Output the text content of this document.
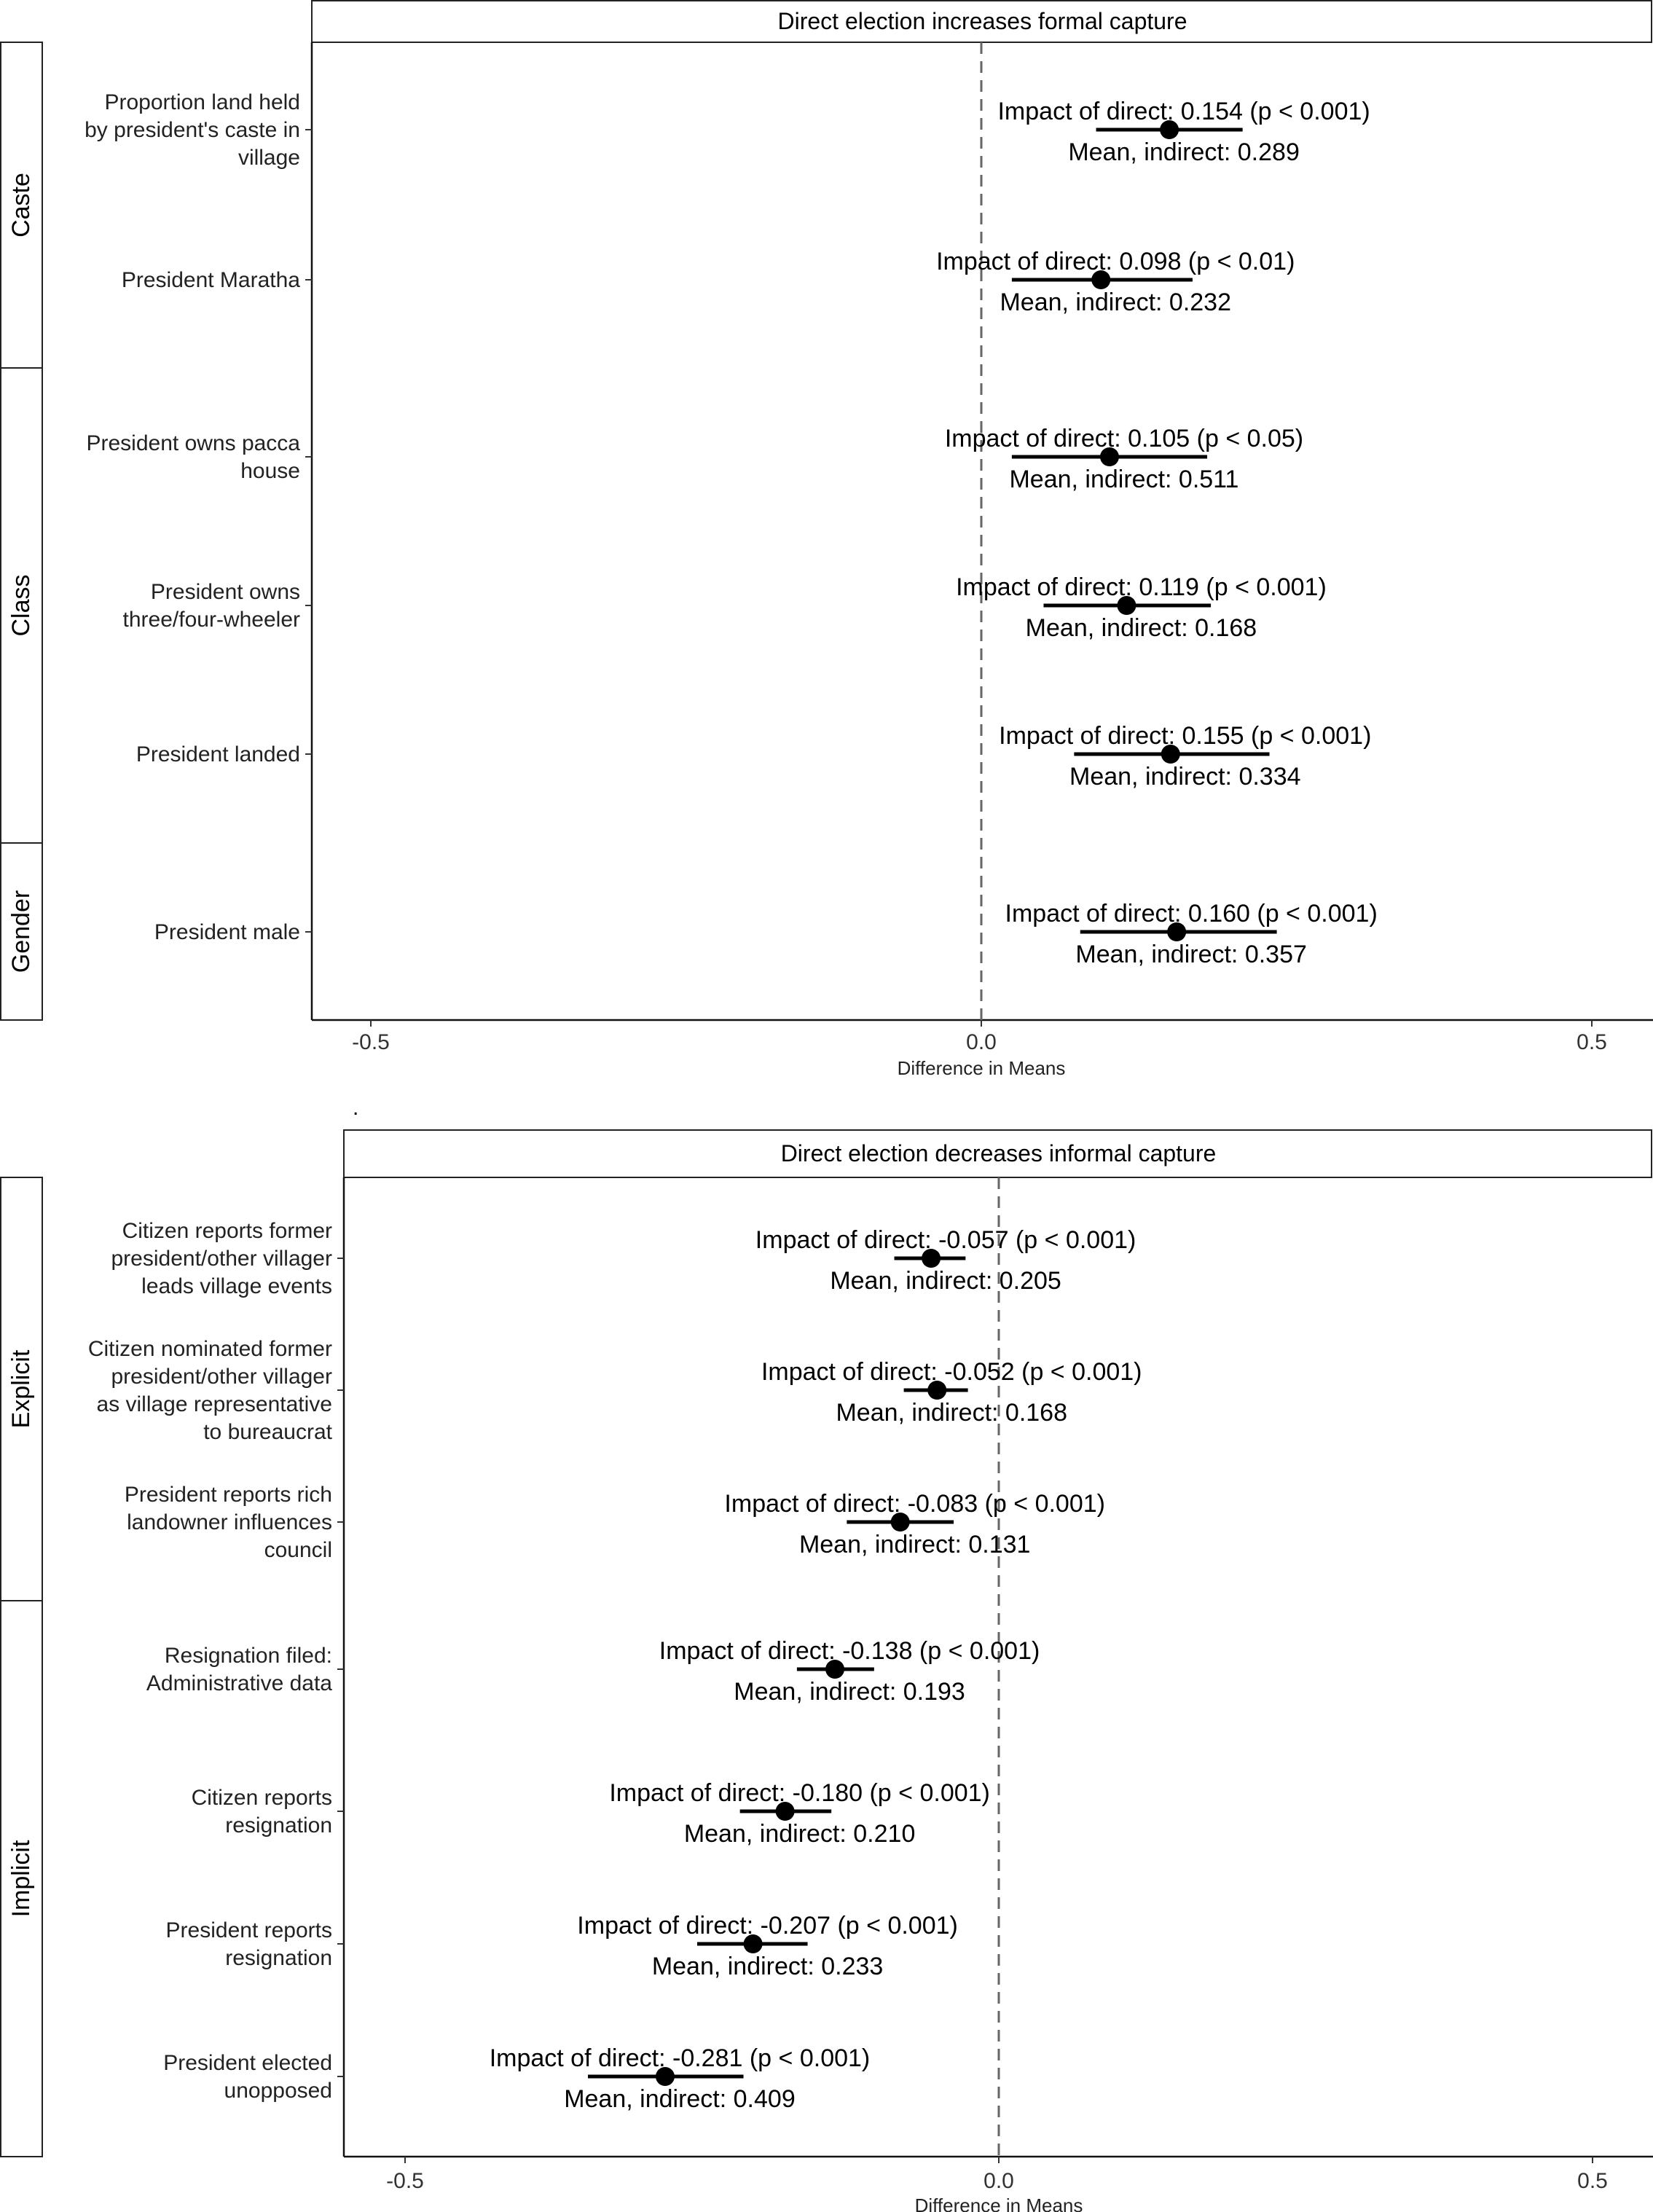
.
Direct election increases formal capture
-0.5	0.0	0.5
Difference in Means
Caste
Class
Gender
Proportion land held
by president's caste in
village
Impact of direct: 0.154 (p < 0.001)
Mean, indirect: 0.289
President Maratha
Impact of direct: 0.098 (p < 0.01)
Mean, indirect: 0.232
President owns pacca
house
Impact of direct: 0.105 (p < 0.05)
Mean, indirect: 0.511
President owns
three/four-wheeler
Impact of direct: 0.119 (p < 0.001)
Mean, indirect: 0.168
President landed
Impact of direct: 0.155 (p < 0.001)
Mean, indirect: 0.334
President male
Impact of direct: 0.160 (p < 0.001)
Mean, indirect: 0.357
Direct election decreases informal capture
-0.5	0.0	0.5
Difference in Means
Explicit
Implicit
Citizen reports former
president/other villager
leads village events
Impact of direct: -0.057 (p < 0.001)
Mean, indirect: 0.205
Citizen nominated former
president/other villager
as village representative
to bureaucrat
Impact of direct: -0.052 (p < 0.001)
Mean, indirect: 0.168
President reports rich
landowner influences
council
Impact of direct: -0.083 (p < 0.001)
Mean, indirect: 0.131
Resignation filed:
Administrative data
Impact of direct: -0.138 (p < 0.001)
Mean, indirect: 0.193
Citizen reports
resignation
Impact of direct: -0.180 (p < 0.001)
Mean, indirect: 0.210
President reports
resignation
Impact of direct: -0.207 (p < 0.001)
Mean, indirect: 0.233
President elected
unopposed
Impact of direct: -0.281 (p < 0.001)
Mean, indirect: 0.409
